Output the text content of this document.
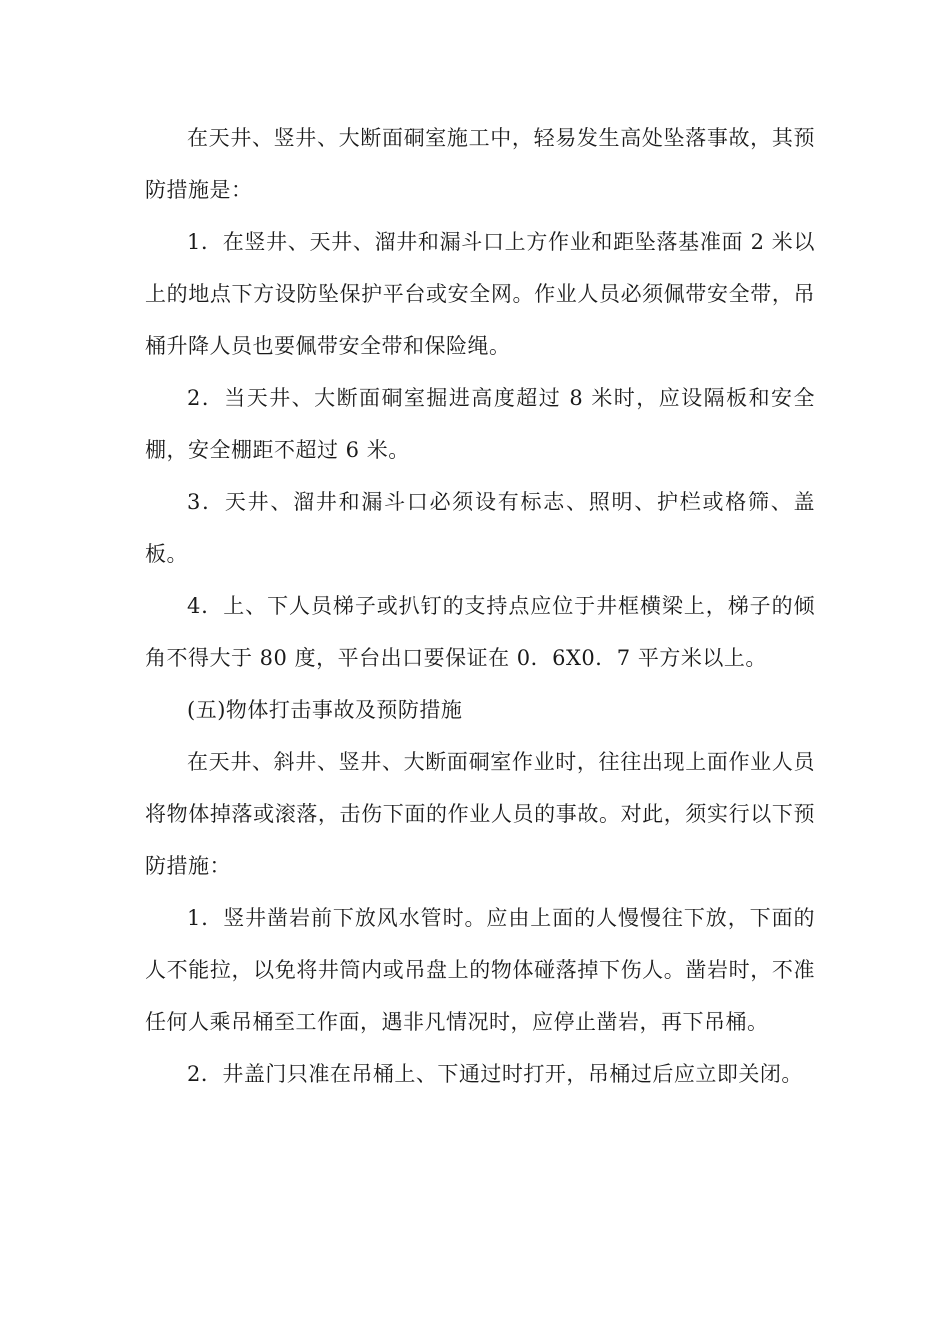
在天井、竖井、大断面硐室施工中，轻易发生高处坠落事故，其预防措施是：

1．在竖井、天井、溜井和漏斗口上方作业和距坠落基准面 2 米以上的地点下方设防坠保护平台或安全网。作业人员必须佩带安全带，吊桶升降人员也要佩带安全带和保险绳。

2．当天井、大断面硐室掘进高度超过 8 米时，应设隔板和安全棚，安全棚距不超过 6 米。

3．天井、溜井和漏斗口必须设有标志、照明、护栏或格筛、盖板。

4．上、下人员梯子或扒钉的支持点应位于井框横梁上，梯子的倾角不得大于 80 度，平台出口要保证在 0．6X0．7 平方米以上。

(五)物体打击事故及预防措施

在天井、斜井、竖井、大断面硐室作业时，往往出现上面作业人员将物体掉落或滚落，击伤下面的作业人员的事故。对此，须实行以下预防措施：

1．竖井凿岩前下放风水管时。应由上面的人慢慢往下放，下面的人不能拉，以免将井筒内或吊盘上的物体碰落掉下伤人。凿岩时，不准任何人乘吊桶至工作面，遇非凡情况时，应停止凿岩，再下吊桶。

2．井盖门只准在吊桶上、下通过时打开，吊桶过后应立即关闭。
